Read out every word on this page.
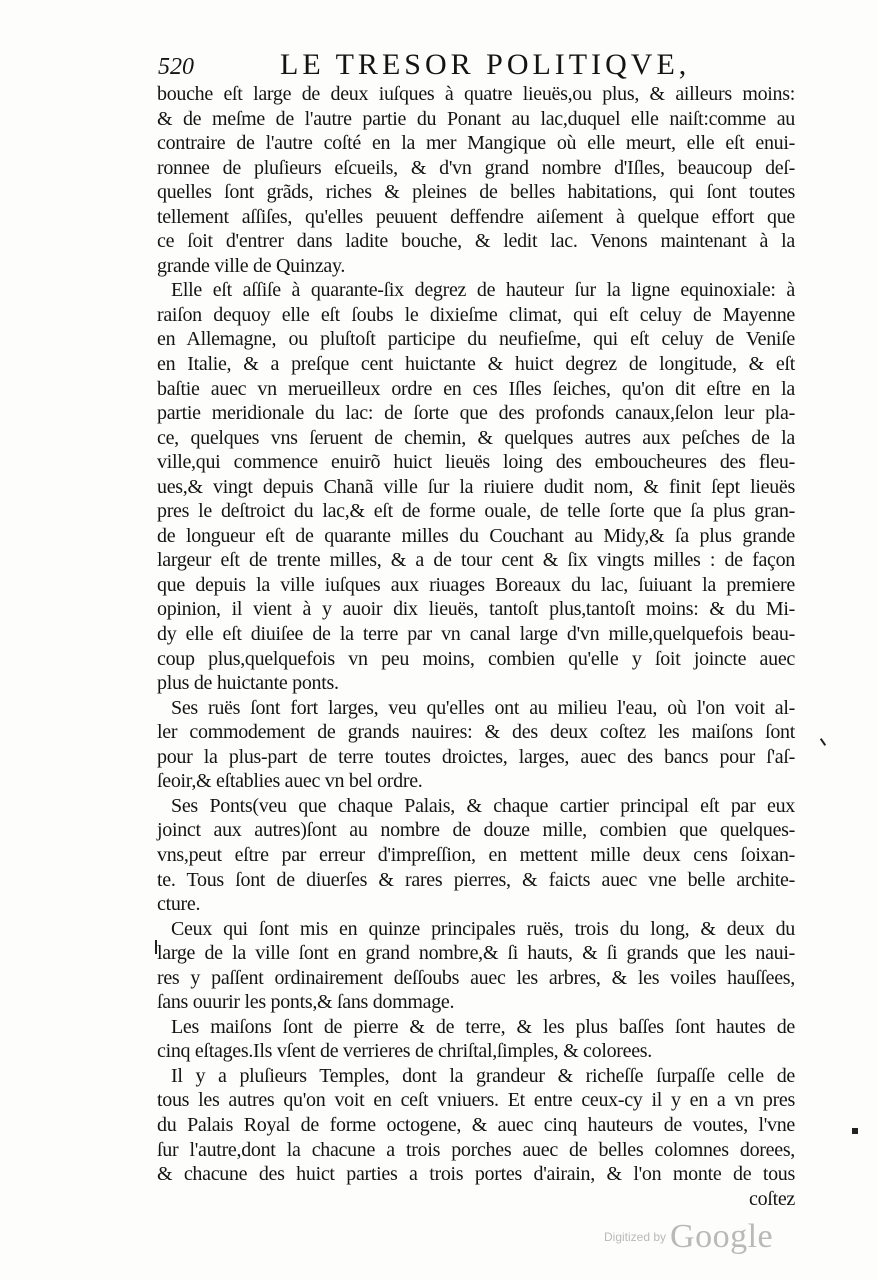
520	LE TRESOR POLITIQVE,
bouche eſt large de deux iuſques à quatre lieuës,ou plus, & ailleurs moins:
& de meſme de l'autre partie du Ponant au lac,duquel elle naiſt:comme au
contraire de l'autre coſté en la mer Mangique où elle meurt, elle eſt enui-
ronnee de pluſieurs eſcueils, & d'vn grand nombre d'Iſles, beaucoup deſ-
quelles ſont grãds, riches & pleines de belles habitations, qui ſont toutes
tellement aſſiſes, qu'elles peuuent deffendre aiſement à quelque effort que
ce ſoit d'entrer dans ladite bouche, & ledit lac. Venons maintenant à la
grande ville de Quinzay.
Elle eſt aſſiſe à quarante-ſix degrez de hauteur ſur la ligne equinoxiale: à
raiſon dequoy elle eſt ſoubs le dixieſme climat, qui eſt celuy de Mayenne
en Allemagne, ou pluſtoſt participe du neufieſme, qui eſt celuy de Veniſe
en Italie, & a preſque cent huictante & huict degrez de longitude, & eſt
baſtie auec vn merueilleux ordre en ces Iſles ſeiches, qu'on dit eſtre en la
partie meridionale du lac: de ſorte que des profonds canaux,ſelon leur pla-
ce, quelques vns ſeruent de chemin, & quelques autres aux peſches de la
ville,qui commence enuirõ huict lieuës loing des emboucheures des fleu-
ues,& vingt depuis Chanã ville ſur la riuiere dudit nom, & finit ſept lieuës
pres le deſtroict du lac,& eſt de forme ouale, de telle ſorte que ſa plus gran-
de longueur eſt de quarante milles du Couchant au Midy,& ſa plus grande
largeur eſt de trente milles, & a de tour cent & ſix vingts milles : de façon
que depuis la ville iuſques aux riuages Boreaux du lac, ſuiuant la premiere
opinion, il vient à y auoir dix lieuës, tantoſt plus,tantoſt moins: & du Mi-
dy elle eſt diuiſee de la terre par vn canal large d'vn mille,quelquefois beau-
coup plus,quelquefois vn peu moins, combien qu'elle y ſoit joincte auec
plus de huictante ponts.
Ses ruës ſont fort larges, veu qu'elles ont au milieu l'eau, où l'on voit al-
ler commodement de grands nauires: & des deux coſtez les maiſons ſont
pour la plus-part de terre toutes droictes, larges, auec des bancs pour ſ'aſ-
ſeoir,& eſtablies auec vn bel ordre.
Ses Ponts(veu que chaque Palais, & chaque cartier principal eſt par eux
joinct aux autres)ſont au nombre de douze mille, combien que quelques-
vns,peut eſtre par erreur d'impreſſion, en mettent mille deux cens ſoixan-
te. Tous ſont de diuerſes & rares pierres, & faicts auec vne belle archite-
cture.
Ceux qui ſont mis en quinze principales ruës, trois du long, & deux du
large de la ville ſont en grand nombre,& ſi hauts, & ſi grands que les naui-
res y paſſent ordinairement deſſoubs auec les arbres, & les voiles hauſſees,
ſans ouurir les ponts,& ſans dommage.
Les maiſons ſont de pierre & de terre, & les plus baſſes ſont hautes de
cinq eſtages.Ils vſent de verrieres de chriſtal,ſimples, & colorees.
Il y a pluſieurs Temples, dont la grandeur & richeſſe ſurpaſſe celle de
tous les autres qu'on voit en ceſt vniuers. Et entre ceux-cy il y en a vn pres
du Palais Royal de forme octogene, & auec cinq hauteurs de voutes, l'vne
ſur l'autre,dont la chacune a trois porches auec de belles colomnes dorees,
& chacune des huict parties a trois portes d'airain, & l'on monte de tous
coſtez
Digitized by Google
